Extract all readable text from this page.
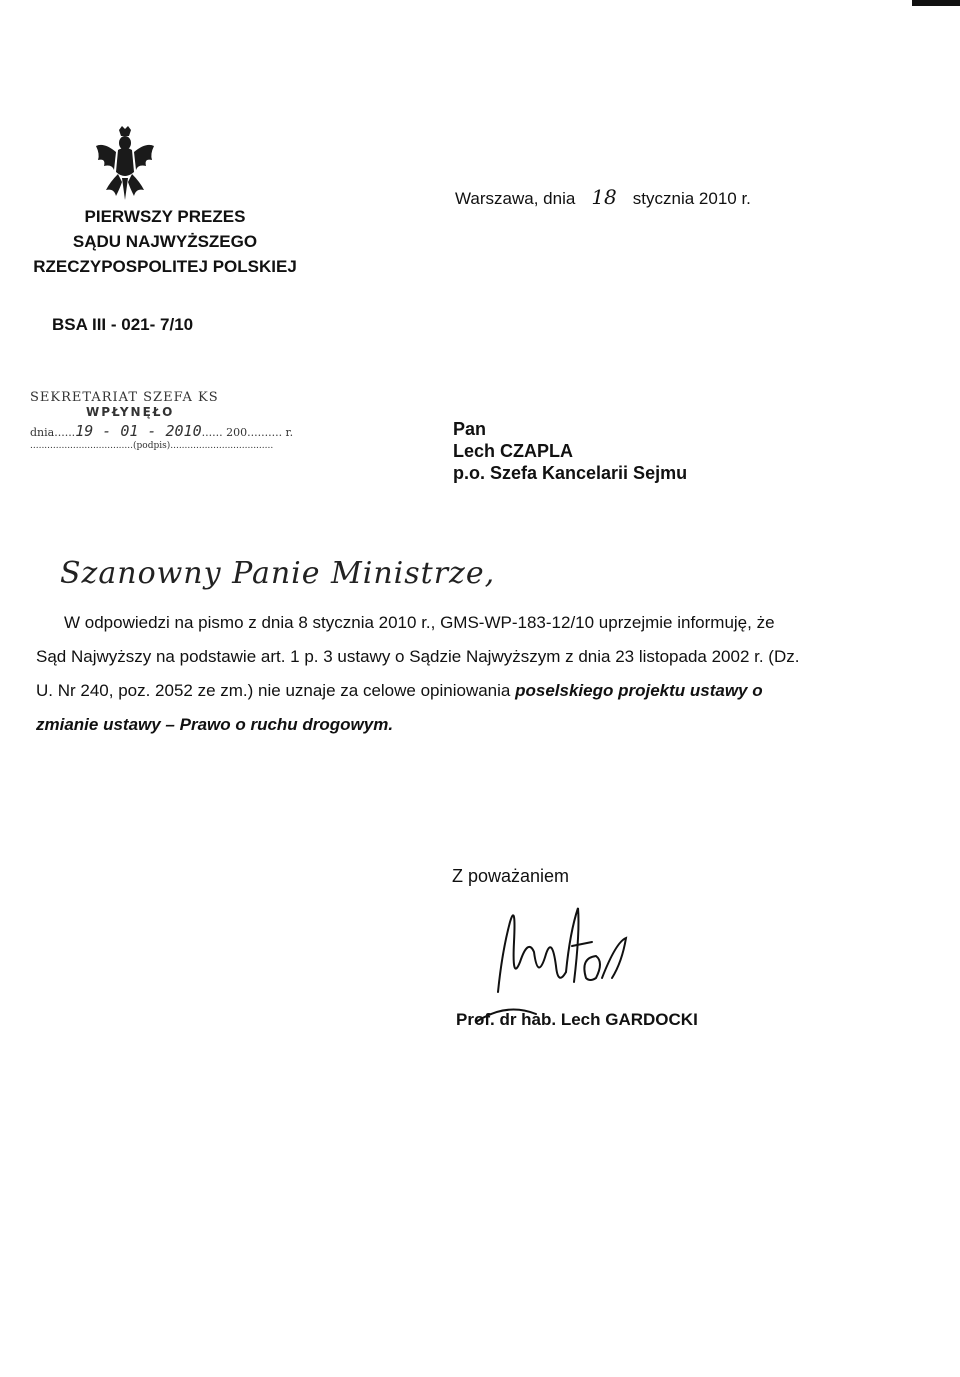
PIERWSZY PREZES
SĄDU NAJWYŻSZEGO
RZECZYPOSPOLITEJ POLSKIEJ
Warszawa, dnia 18 stycznia 2010 r.
BSA III - 021- 7/10
SEKRETARIAT SZEFA KS
WPŁYNĘŁO
dnia......19 - 01 - 2010...... 200.......... r.
....................................(podpis)....................................
Pan
Lech CZAPLA
p.o. Szefa Kancelarii Sejmu
Szanowny Panie Ministrze,
W odpowiedzi na pismo z dnia 8 stycznia 2010 r., GMS-WP-183-12/10 uprzejmie informuję, że Sąd Najwyższy na podstawie art. 1 p. 3 ustawy o Sądzie Najwyższym z dnia 23 listopada 2002 r. (Dz. U. Nr 240, poz. 2052 ze zm.) nie uznaje za celowe opiniowania poselskiego projektu ustawy o zmianie ustawy – Prawo o ruchu drogowym.
Z poważaniem
Prof. dr hab. Lech GARDOCKI
